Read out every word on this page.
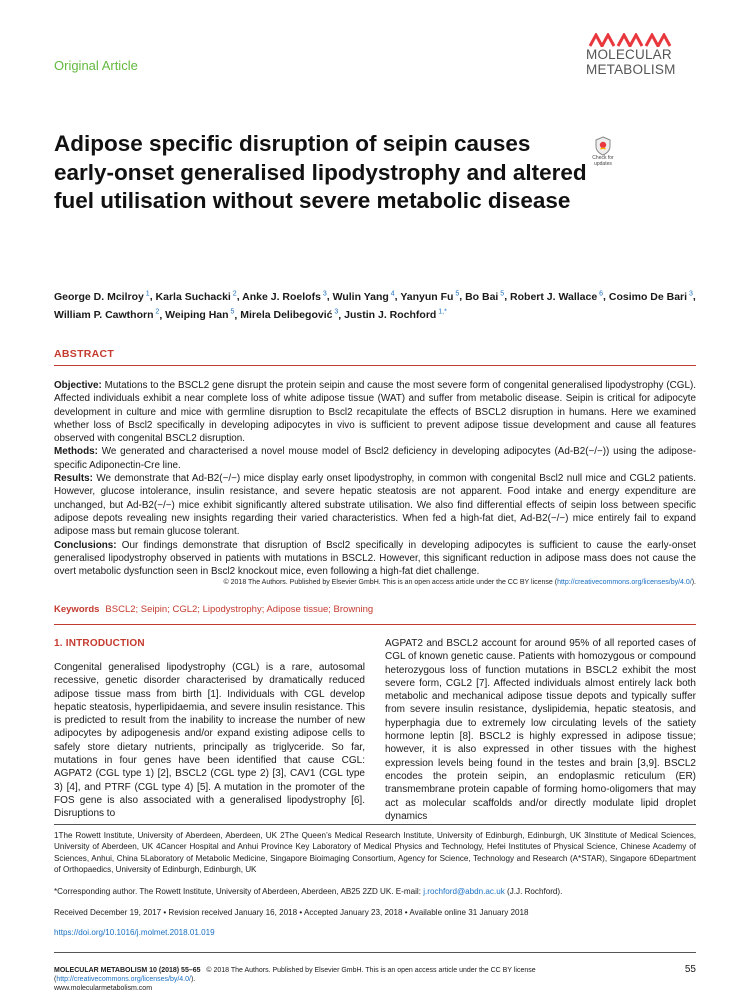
Original Article
MOLECULAR
METABOLISM
Adipose specific disruption of seipin causes early-onset generalised lipodystrophy and altered fuel utilisation without severe metabolic disease
Check for
updates
George D. Mcilroy $^1$, Karla Suchacki $^2$, Anke J. Roelofs $^3$, Wulin Yang $^4$, Yanyun Fu $^5$, Bo Bai $^5$, Robert J. Wallace $^6$, Cosimo De Bari $^3$, William P. Cawthorn $^2$, Weiping Han $^5$, Mirela Delibegović $^3$, Justin J. Rochford $^{1,*}$
ABSTRACT

Objective: Mutations to the BSCL2 gene disrupt the protein seipin and cause the most severe form of congenital generalised lipodystrophy (CGL). Affected individuals exhibit a near complete loss of white adipose tissue (WAT) and suffer from metabolic disease. Seipin is critical for adipocyte development in culture and mice with germline disruption to Bscl2 recapitulate the effects of BSCL2 disruption in humans. Here we examined whether loss of Bscl2 specifically in developing adipocytes in vivo is sufficient to prevent adipose tissue development and cause all features observed with congenital BSCL2 disruption.

Methods: We generated and characterised a novel mouse model of Bscl2 deficiency in developing adipocytes (Ad-B2(−/−)) using the adipose-specific Adiponectin-Cre line.

Results: We demonstrate that Ad-B2(−/−) mice display early onset lipodystrophy, in common with congenital Bscl2 null mice and CGL2 patients. However, glucose intolerance, insulin resistance, and severe hepatic steatosis are not apparent. Food intake and energy expenditure are unchanged, but Ad-B2(−/−) mice exhibit significantly altered substrate utilisation. We also find differential effects of seipin loss between specific adipose depots revealing new insights regarding their varied characteristics. When fed a high-fat diet, Ad-B2(−/−) mice entirely fail to expand adipose mass but remain glucose tolerant.

Conclusions: Our findings demonstrate that disruption of Bscl2 specifically in developing adipocytes is sufficient to cause the early-onset generalised lipodystrophy observed in patients with mutations in BSCL2. However, this significant reduction in adipose mass does not cause the overt metabolic dysfunction seen in Bscl2 knockout mice, even following a high-fat diet challenge.

© 2018 The Authors. Published by Elsevier GmbH. This is an open access article under the CC BY license (http://creativecommons.org/licenses/by/4.0/).
Keywords BSCL2; Seipin; CGL2; Lipodystrophy; Adipose tissue; Browning
1. INTRODUCTION
Congenital generalised lipodystrophy (CGL) is a rare, autosomal recessive, genetic disorder characterised by dramatically reduced adipose tissue mass from birth [1]. Individuals with CGL develop hepatic steatosis, hyperlipidaemia, and severe insulin resistance. This is predicted to result from the inability to increase the number of new adipocytes by adipogenesis and/or expand existing adipose cells to safely store dietary nutrients, principally as triglyceride. So far, mutations in four genes have been identified that cause CGL: AGPAT2 (CGL type 1) [2], BSCL2 (CGL type 2) [3], CAV1 (CGL type 3) [4], and PTRF (CGL type 4) [5]. A mutation in the promoter of the FOS gene is also associated with a generalised lipodystrophy [6]. Disruptions to
AGPAT2 and BSCL2 account for around 95% of all reported cases of CGL of known genetic cause. Patients with homozygous or compound heterozygous loss of function mutations in BSCL2 exhibit the most severe form, CGL2 [7]. Affected individuals almost entirely lack both metabolic and mechanical adipose tissue depots and typically suffer from severe insulin resistance, dyslipidemia, hepatic steatosis, and hyperphagia due to extremely low circulating levels of the satiety hormone leptin [8]. BSCL2 is highly expressed in adipose tissue; however, it is also expressed in other tissues with the highest expression levels being found in the testes and brain [3,9]. BSCL2 encodes the protein seipin, an endoplasmic reticulum (ER) transmembrane protein capable of forming homo-oligomers that may act as molecular scaffolds and/or directly modulate lipid droplet dynamics
1The Rowett Institute, University of Aberdeen, Aberdeen, UK 2The Queen’s Medical Research Institute, University of Edinburgh, Edinburgh, UK 3Institute of Medical Sciences, University of Aberdeen, UK 4Cancer Hospital and Anhui Province Key Laboratory of Medical Physics and Technology, Hefei Institutes of Physical Science, Chinese Academy of Sciences, Anhui, China 5Laboratory of Metabolic Medicine, Singapore Bioimaging Consortium, Agency for Science, Technology and Research (A*STAR), Singapore 6Department of Orthopaedics, University of Edinburgh, Edinburgh, UK
*Corresponding author. The Rowett Institute, University of Aberdeen, Aberdeen, AB25 2ZD UK. E-mail: j.rochford@abdn.ac.uk (J.J. Rochford).
Received December 19, 2017 • Revision received January 16, 2018 • Accepted January 23, 2018 • Available online 31 January 2018
https://doi.org/10.1016/j.molmet.2018.01.019
MOLECULAR METABOLISM 10 (2018) 55–65 © 2018 The Authors. Published by Elsevier GmbH. This is an open access article under the CC BY license (http://creativecommons.org/licenses/by/4.0/).
www.molecularmetabolism.com
55
